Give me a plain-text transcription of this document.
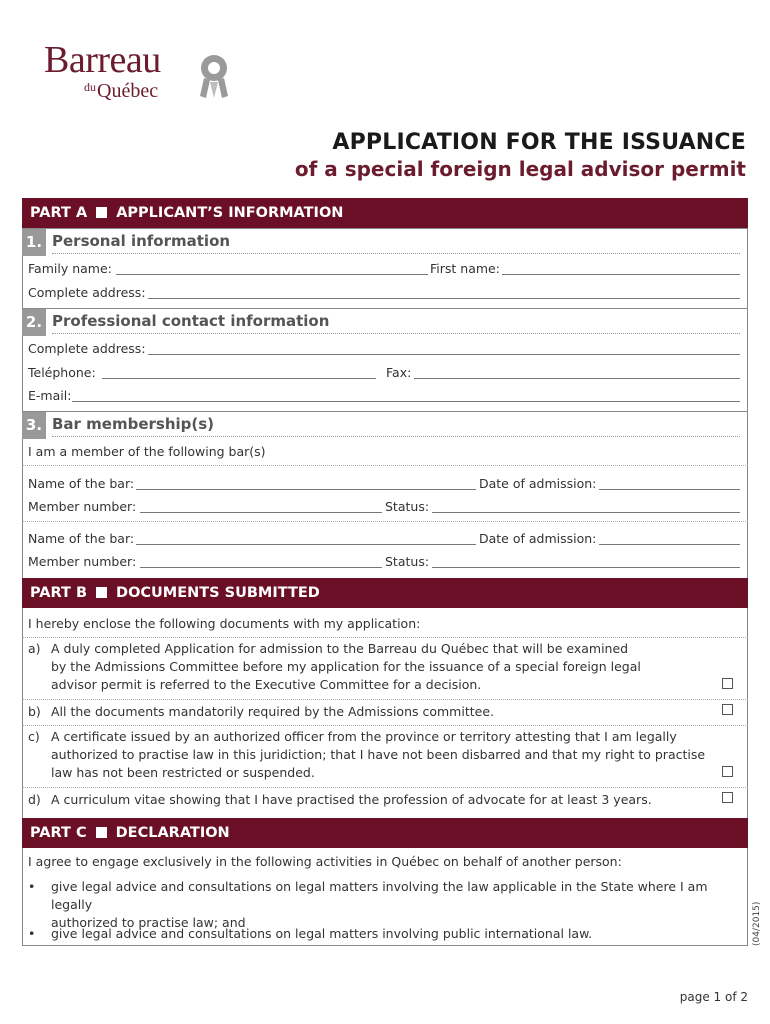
Barreau
$^{du}$Québec
APPLICATION FOR THE ISSUANCE
of a special foreign legal advisor permit
PART A APPLICANT’S INFORMATION
1. Personal information
Family name:	First name:
Complete address:
2. Professional contact information
Complete address:
Teléphone:	Fax:
E-mail:
3. Bar membership(s)
I am a member of the following bar(s)
Name of the bar:	Date of admission:
Member number:	Status:
Name of the bar:	Date of admission:
Member number:	Status:
PART B DOCUMENTS SUBMITTED
I hereby enclose the following documents with my application:
a) A duly completed Application for admission to the Barreau du Québec that will be examined
by the Admissions Committee before my application for the issuance of a special foreign legal
advisor permit is referred to the Executive Committee for a decision.
b) All the documents mandatorily required by the Admissions committee.
c) A certificate issued by an authorized officer from the province or territory attesting that I am legally
authorized to practise law in this juridiction; that I have not been disbarred and that my right to practise
law has not been restricted or suspended.
d) A curriculum vitae showing that I have practised the profession of advocate for at least 3 years.
PART C DECLARATION
I agree to engage exclusively in the following activities in Québec on behalf of another person:
• give legal advice and consultations on legal matters involving the law applicable in the State where I am legally
authorized to practise law; and
• give legal advice and consultations on legal matters involving public international law.	(04/2015)
page 1 of 2
